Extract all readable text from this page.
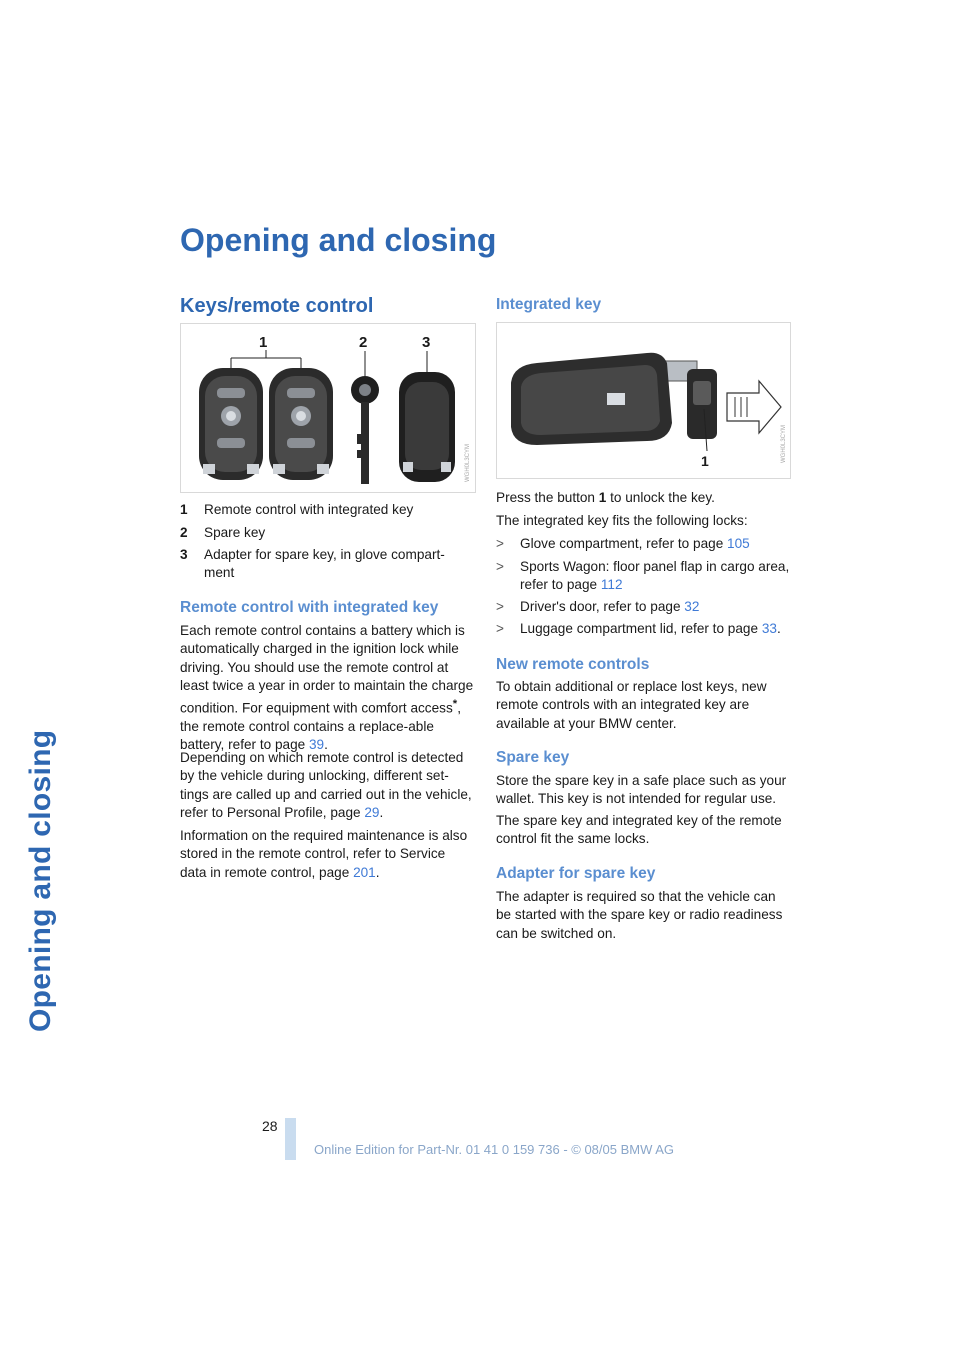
Opening and closing
Opening and closing
Keys/remote control
1	2	3
WGH0L3CYM
1 Remote control with integrated key
2 Spare key
3 Adapter for spare key, in glove compart-ment
Remote control with integrated key

Each remote control contains a battery which is automatically charged in the ignition lock while driving. You should use the remote control at least twice a year in order to maintain the charge condition. For equipment with comfort access*, the remote control contains a replace-able battery, refer to page 39.

Depending on which remote control is detected by the vehicle during unlocking, different set-tings are called up and carried out in the vehicle, refer to Personal Profile, page 29.

Information on the required maintenance is also stored in the remote control, refer to Service data in remote control, page 201.

Integrated key
1	WGH0L3CYM

Press the button 1 to unlock the key.

The integrated key fits the following locks:

> Glove compartment, refer to page 105
> Sports Wagon: floor panel flap in cargo area, refer to page 112
> Driver's door, refer to page 32
> Luggage compartment lid, refer to page 33.
New remote controls

To obtain additional or replace lost keys, new remote controls with an integrated key are available at your BMW center.

Spare key

Store the spare key in a safe place such as your wallet. This key is not intended for regular use.

The spare key and integrated key of the remote control fit the same locks.

Adapter for spare key

The adapter is required so that the vehicle can be started with the spare key or radio readiness can be switched on.

28
Online Edition for Part-Nr. 01 41 0 159 736 - © 08/05 BMW AG
